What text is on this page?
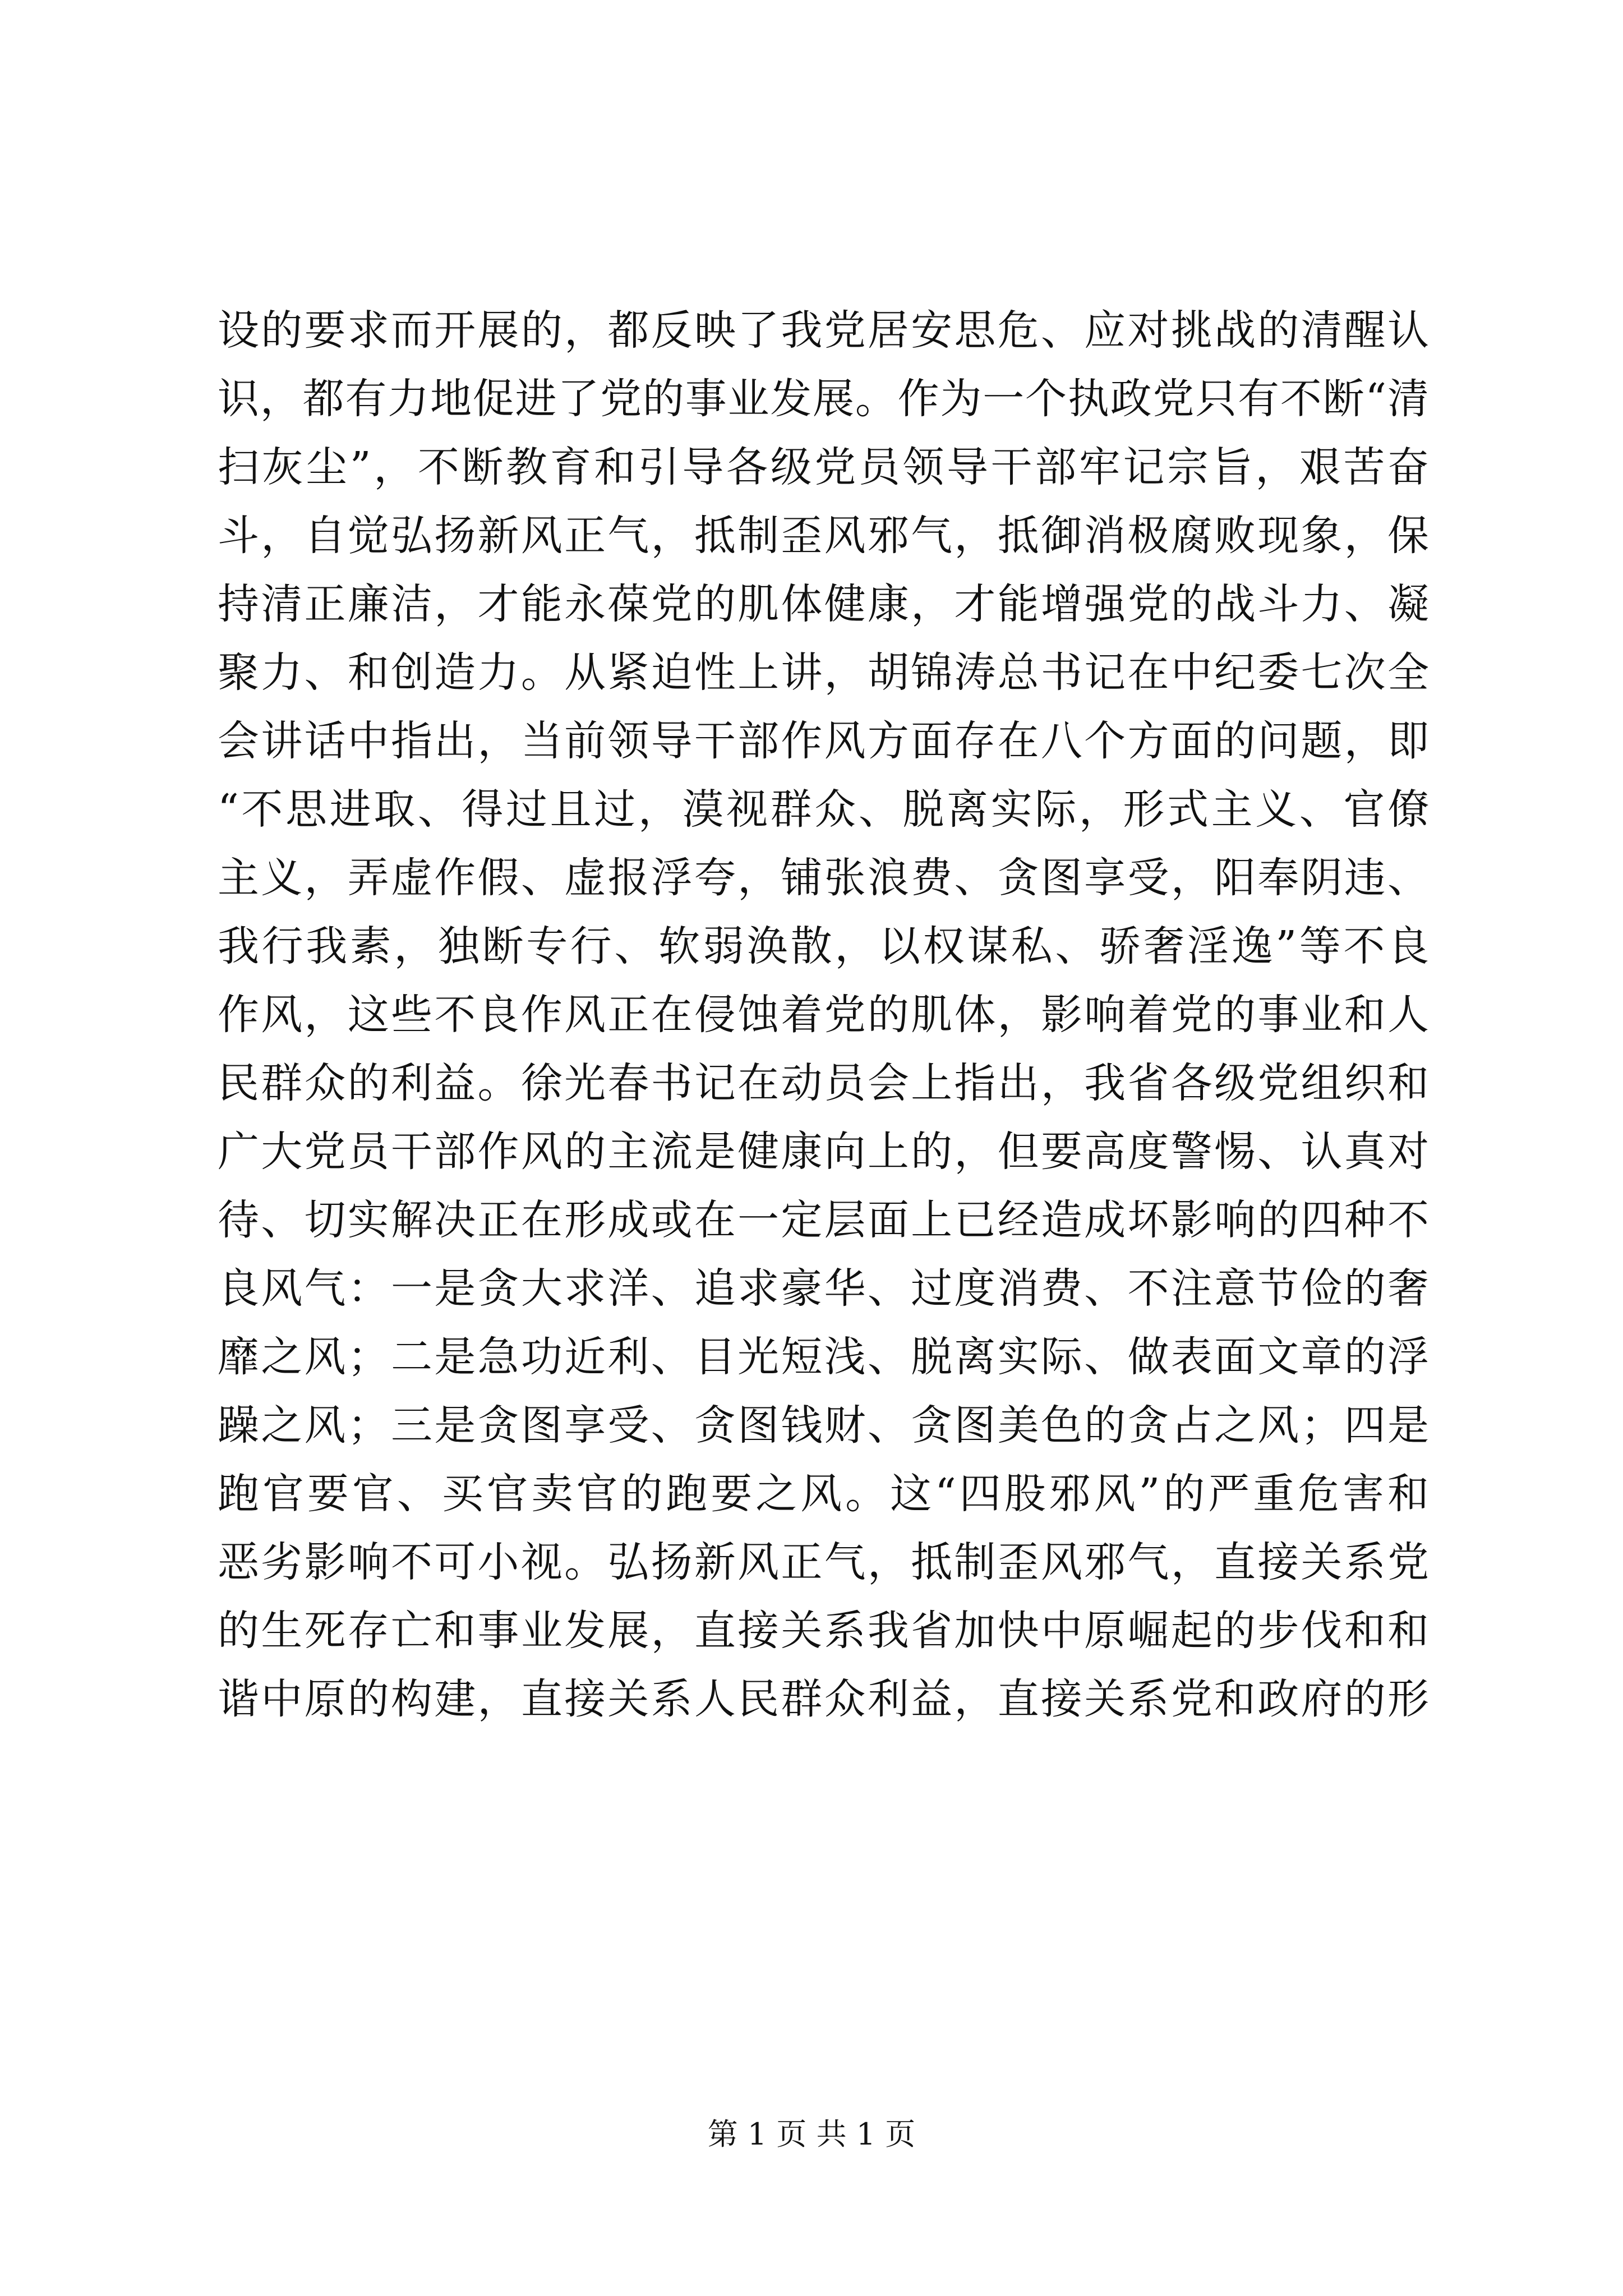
设的要求而开展的，都反映了我党居安思危、应对挑战的清醒认
识，都有力地促进了党的事业发展。作为一个执政党只有不断“清
扫灰尘”，不断教育和引导各级党员领导干部牢记宗旨，艰苦奋
斗，自觉弘扬新风正气，抵制歪风邪气，抵御消极腐败现象，保
持清正廉洁，才能永葆党的肌体健康，才能增强党的战斗力、凝
聚力、和创造力。从紧迫性上讲，胡锦涛总书记在中纪委七次全
会讲话中指出，当前领导干部作风方面存在八个方面的问题，即
“不思进取、得过且过，漠视群众、脱离实际，形式主义、官僚
主义，弄虚作假、虚报浮夸，铺张浪费、贪图享受，阳奉阴违、
我行我素，独断专行、软弱涣散，以权谋私、骄奢淫逸”等不良
作风，这些不良作风正在侵蚀着党的肌体，影响着党的事业和人
民群众的利益。徐光春书记在动员会上指出，我省各级党组织和
广大党员干部作风的主流是健康向上的，但要高度警惕、认真对
待、切实解决正在形成或在一定层面上已经造成坏影响的四种不
良风气：一是贪大求洋、追求豪华、过度消费、不注意节俭的奢
靡之风；二是急功近利、目光短浅、脱离实际、做表面文章的浮
躁之风；三是贪图享受、贪图钱财、贪图美色的贪占之风；四是
跑官要官、买官卖官的跑要之风。这“四股邪风”的严重危害和
恶劣影响不可小视。弘扬新风正气，抵制歪风邪气，直接关系党
的生死存亡和事业发展，直接关系我省加快中原崛起的步伐和和
谐中原的构建，直接关系人民群众利益，直接关系党和政府的形
第 1 页 共 1 页
